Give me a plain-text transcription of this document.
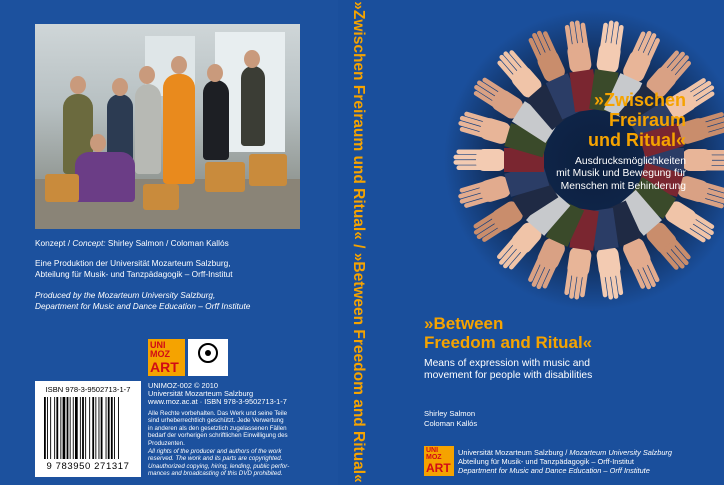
Konzept / Concept: Shirley Salmon / Coloman Kallós
Eine Produktion der Universität Mozarteum Salzburg,
Abteilung für Musik- und Tanzpädagogik – Orff-Institut
Produced by the Mozarteum University Salzburg,
Department for Music and Dance Education – Orff Institute
UNI
MOZ
ART
ISBN 978-3-9502713-1-7
9 783950 271317
UNIMOZ-002 © 2010
Universität Mozarteum Salzburg
www.moz.ac.at · ISBN 978-3-9502713-1-7
Alle Rechte vorbehalten. Das Werk und seine Teile
sind urheberrechtlich geschützt. Jede Verwertung
in anderen als den gesetzlich zugelassenen Fällen
bedarf der vorherigen schriftlichen Einwilligung des
Produzenten.
All rights of the producer and authors of the work
reserved. The work and its parts are copyrighted.
Unauthorized copying, hiring, lending, public perfor-
mances and broadcasting of this DVD prohibited.	»Zwischen Freiraum und Ritual« / »Between Freedom and Ritual«	»Zwischen
Freiraum
und Ritual«
Ausdrucksmöglichkeiten
mit Musik und Bewegung für
Menschen mit Behinderung
»Between
Freedom and Ritual«
Means of expression with music and
movement for people with disabilities
Shirley Salmon
Coloman Kallós
UNI
MOZ
ART
Universität Mozarteum Salzburg / Mozarteum University Salzburg
Abteilung für Musik- und Tanzpädagogik – Orff-Institut
Department for Music and Dance Education – Orff Institute
